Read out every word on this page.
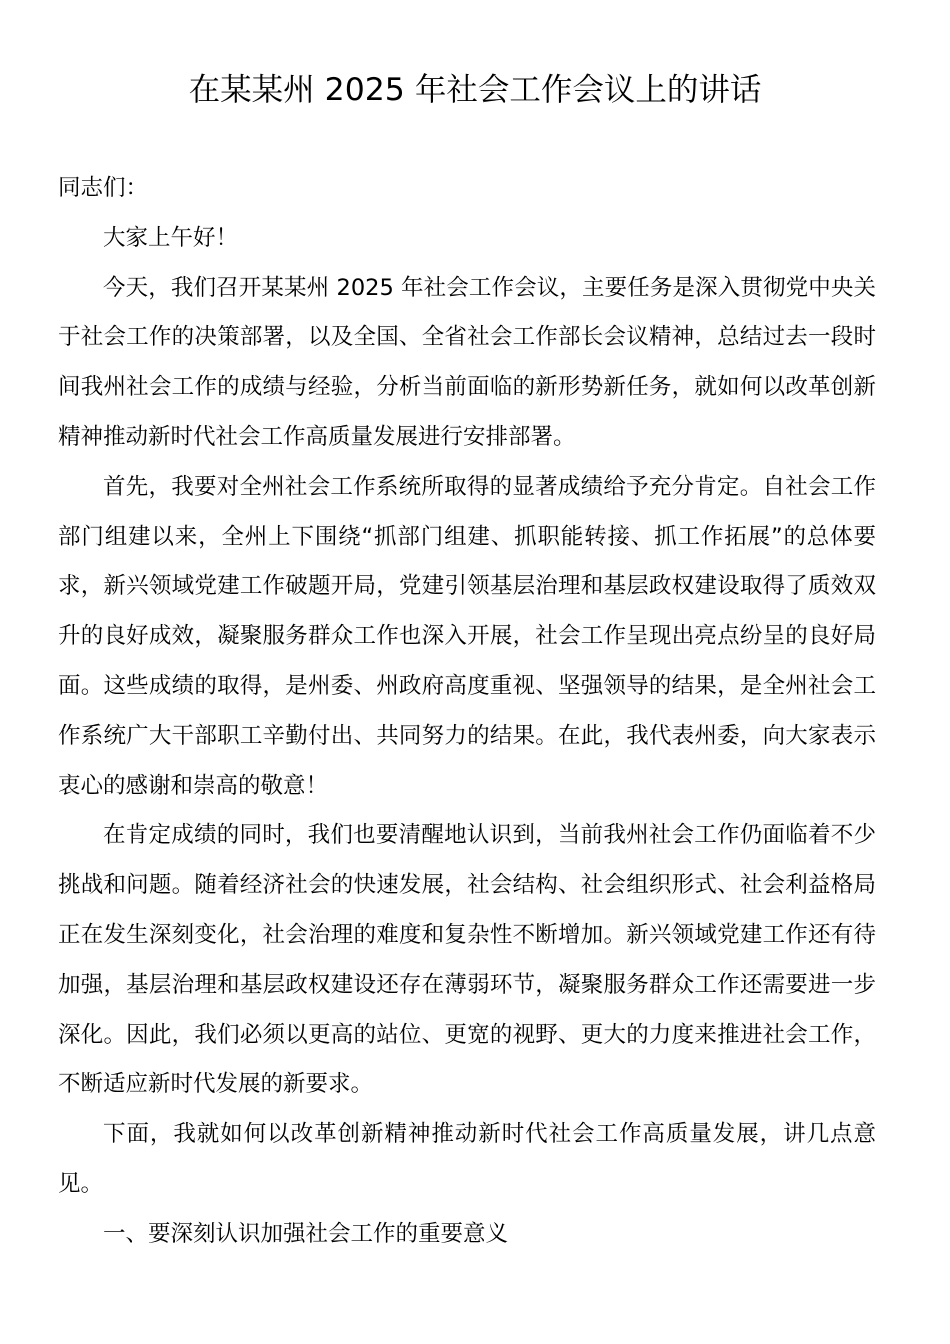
在某某州 2025 年社会工作会议上的讲话

同志们：

大家上午好！

今天，我们召开某某州 2025 年社会工作会议，主要任务是深入贯彻党中央关于社会工作的决策部署，以及全国、全省社会工作部长会议精神，总结过去一段时间我州社会工作的成绩与经验，分析当前面临的新形势新任务，就如何以改革创新精神推动新时代社会工作高质量发展进行安排部署。

首先，我要对全州社会工作系统所取得的显著成绩给予充分肯定。自社会工作部门组建以来，全州上下围绕“抓部门组建、抓职能转接、抓工作拓展”的总体要求，新兴领域党建工作破题开局，党建引领基层治理和基层政权建设取得了质效双升的良好成效，凝聚服务群众工作也深入开展，社会工作呈现出亮点纷呈的良好局面。这些成绩的取得，是州委、州政府高度重视、坚强领导的结果，是全州社会工作系统广大干部职工辛勤付出、共同努力的结果。在此，我代表州委，向大家表示衷心的感谢和崇高的敬意！

在肯定成绩的同时，我们也要清醒地认识到，当前我州社会工作仍面临着不少挑战和问题。随着经济社会的快速发展，社会结构、社会组织形式、社会利益格局正在发生深刻变化，社会治理的难度和复杂性不断增加。新兴领域党建工作还有待加强，基层治理和基层政权建设还存在薄弱环节，凝聚服务群众工作还需要进一步深化。因此，我们必须以更高的站位、更宽的视野、更大的力度来推进社会工作，不断适应新时代发展的新要求。

下面，我就如何以改革创新精神推动新时代社会工作高质量发展，讲几点意见。

一、要深刻认识加强社会工作的重要意义
